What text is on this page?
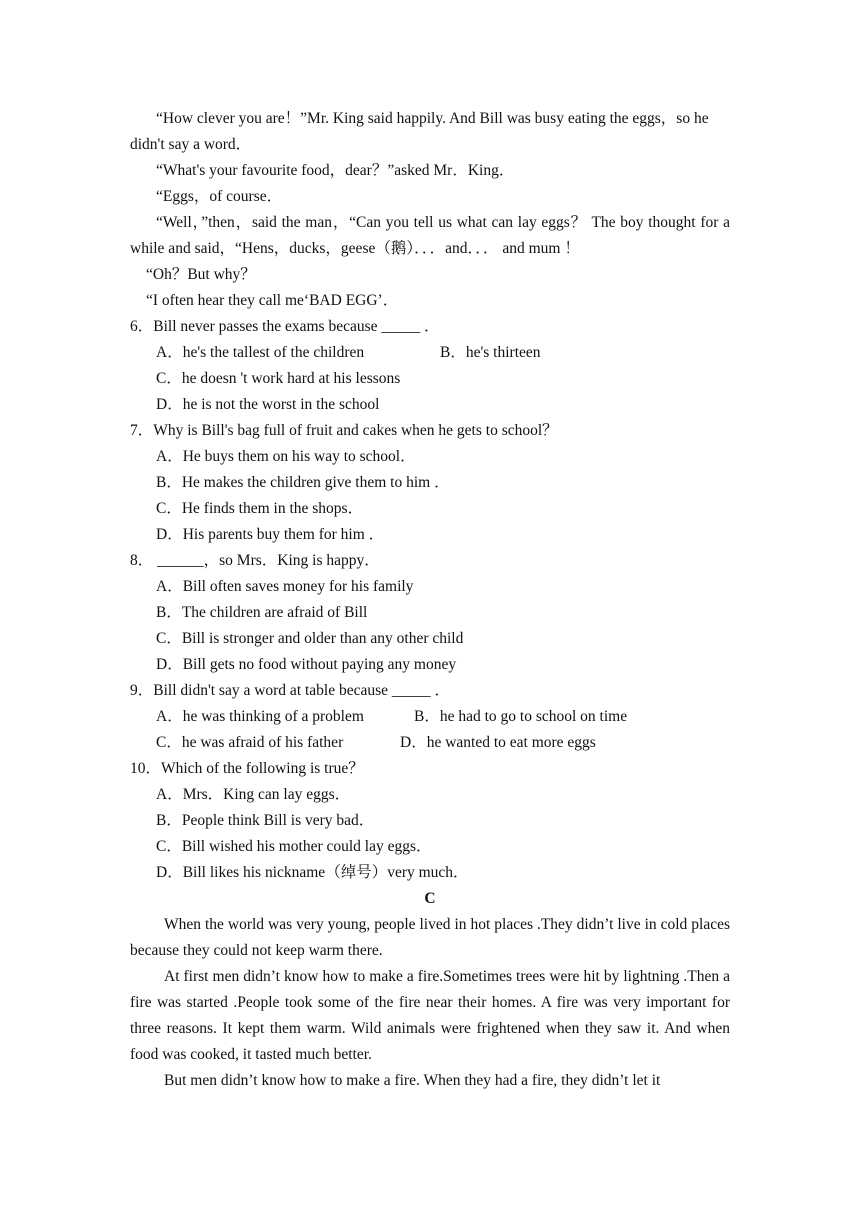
“How clever you are！”Mr. King said happily. And Bill was busy eating the eggs，so he didn't say a word．

“What's your favourite food，dear？”asked Mr．King．

“Eggs，of course．

“Well，”then，said the man，“Can you tell us what can lay eggs？ The boy thought for a while and said，“Hens，ducks，geese（鹅）．．．and．．． and mum ！

“Oh？But why？

“I often hear they call me‘BAD EGG’．

6．Bill never passes the exams because _____ ．

A．he's the tallest of the children	B．he's thirteen

C．he doesn 't work hard at his lessons

D．he is not the worst in the school

7．Why is Bill's bag full of fruit and cakes when he gets to school？

A．He buys them on his way to school．

B．He makes the children give them to him ．

C．He finds them in the shops．

D．His parents buy them for him ．

8． ______，so Mrs．King is happy．

A．Bill often saves money for his family

B．The children are afraid of Bill

C．Bill is stronger and older than any other child

D．Bill gets no food without paying any money

9．Bill didn't say a word at table because _____ ．

A．he was thinking of a problem	B．he had to go to school on time
C．he was afraid of his father	D．he wanted to eat more eggs

10．Which of the following is true？

A．Mrs．King can lay eggs．

B．People think Bill is very bad．

C．Bill wished his mother could lay eggs．

D．Bill likes his nickname（绰号）very much．

C

When the world was very young, people lived in hot places .They didn’t live in cold places because they could not keep warm there.

At first men didn’t know how to make a fire.Sometimes trees were hit by lightning .Then a fire was started .People took some of the fire near their homes. A fire was very important for three reasons. It kept them warm. Wild animals were frightened when they saw it. And when food was cooked, it tasted much better.

But men didn’t know how to make a fire. When they had a fire, they didn’t let it
